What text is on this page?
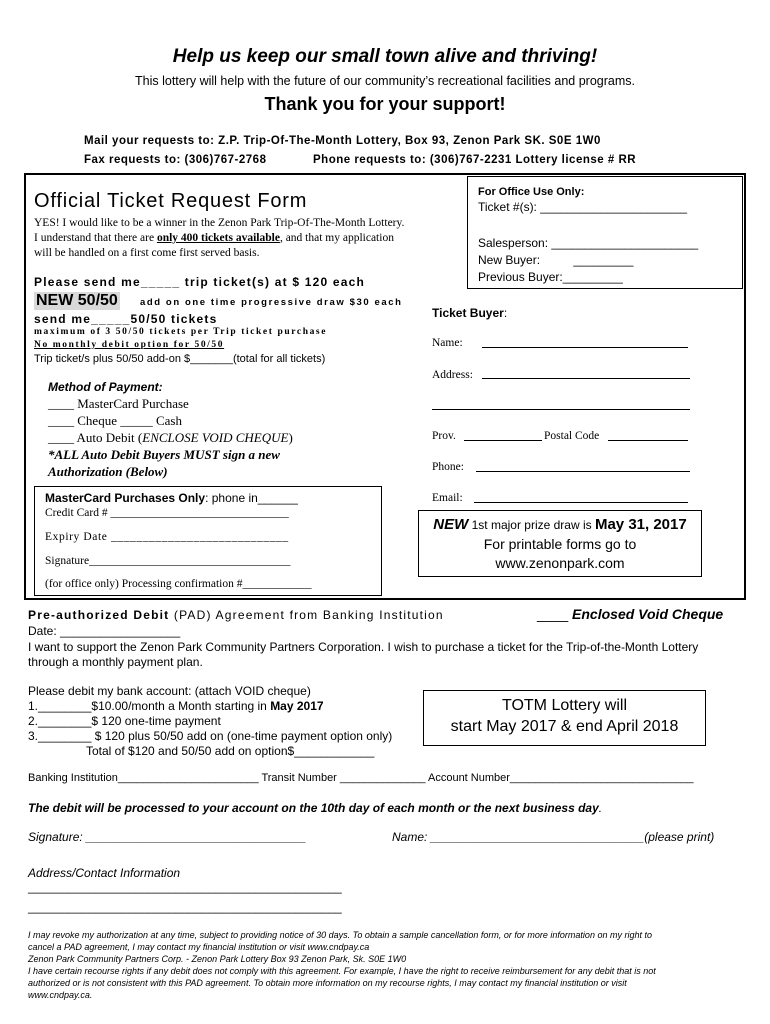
Help us keep our small town alive and thriving!
This lottery will help with the future of our community’s recreational facilities and programs.
Thank you for your support!
Mail your requests to: Z.P. Trip-Of-The-Month Lottery, Box 93, Zenon Park SK. S0E 1W0
Fax requests to: (306)767-2768	Phone requests to: (306)767-2231 Lottery license # RR
For Office Use Only:
Ticket #(s): ______________________
Salesperson: ______________________
New Buyer:          _________
Previous Buyer:_________
Official Ticket Request Form
YES! I would like to be a winner in the Zenon Park Trip-Of-The-Month Lottery.
I understand that there are only 400 tickets available, and that my application
will be handled on a first come first served basis.
Please send me_____ trip ticket(s) at $ 120 each
NEW 50/50 add on one time progressive draw $30 each
send me_____50/50 tickets
maximum of 3 50/50 tickets per Trip ticket purchase
No monthly debit option for 50/50
Trip ticket/s plus 50/50 add-on $_______(total for all tickets)
Method of Payment:
____ MasterCard Purchase
____ Cheque _____ Cash
____ Auto Debit (ENCLOSE VOID CHEQUE)
*ALL Auto Debit Buyers MUST sign a new
Authorization (Below)
MasterCard Purchases Only: phone in______
Credit Card # _______________________________
Expiry Date ____________________________
Signature___________________________________
(for office only) Processing confirmation #____________
Ticket Buyer:
Name:
Address:
Prov.	Postal Code
Phone:
Email:
NEW 1st major prize draw is May 31, 2017
For printable forms go to
www.zenonpark.com
Pre-authorized Debit (PAD) Agreement from Banking Institution	____ Enclosed Void Cheque
Date: __________________
I want to support the Zenon Park Community Partners Corporation. I wish to purchase a ticket for the Trip-of-the-Month Lottery
through a monthly payment plan.
Please debit my bank account: (attach VOID cheque)
1.________$10.00/month a Month starting in May 2017
2.________$ 120 one-time payment
3.________ $ 120 plus 50/50 add on (one-time payment option only)
Total of $120 and 50/50 add on option$____________
TOTM Lottery will
start May 2017 & end April 2018
Banking Institution_______________________ Transit Number ______________ Account Number______________________________
The debit will be processed to your account on the 10th day of each month or the next business day.
Signature: _________________________________	Name: ________________________________(please print)
Address/Contact Information
_______________________________________________
_______________________________________________
I may revoke my authorization at any time, subject to providing notice of 30 days. To obtain a sample cancellation form, or for more information on my right to
cancel a PAD agreement, I may contact my financial institution or visit www.cndpay.ca
Zenon Park Community Partners Corp. - Zenon Park Lottery Box 93 Zenon Park, Sk. S0E 1W0
I have certain recourse rights if any debit does not comply with this agreement. For example, I have the right to receive reimbursement for any debit that is not
authorized or is not consistent with this PAD agreement. To obtain more information on my recourse rights, I may contact my financial institution or visit
www.cndpay.ca.
